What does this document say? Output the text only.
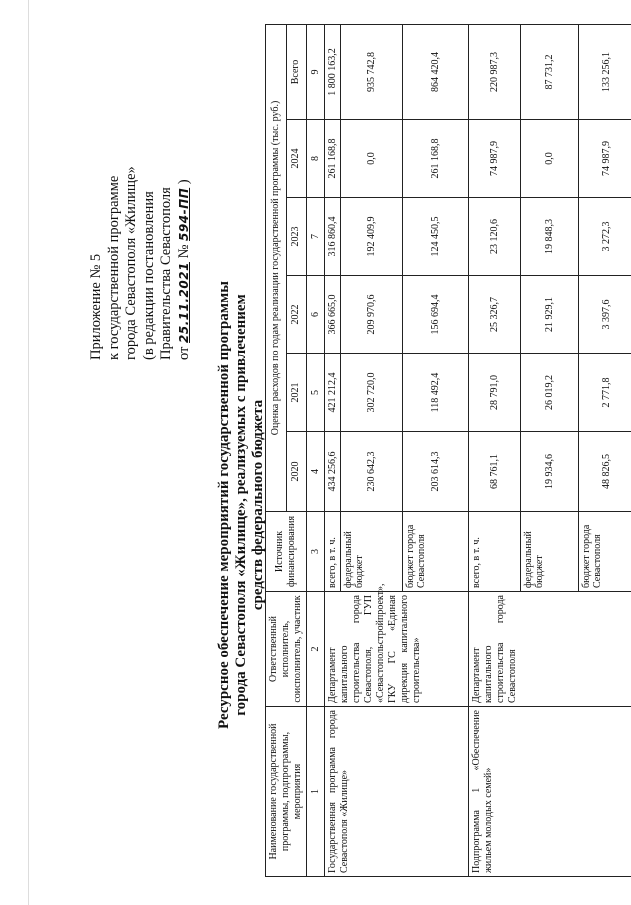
Приложение № 5 к государственной программе города Севастополя «Жилище» (в редакции постановления Правительства Севастополя от 25.11.2021 № 594-ПП )
Ресурсное обеспечение мероприятий государственной программы города Севастополя «Жилище», реализуемых с привлечением средств федерального бюджета
Наименование государственной программы, подпрограммы, мероприятия	Ответственный исполнитель, соисполнитель, участник	Источник финансирования	Оценка расходов по годам реализации государственной программы (тыс. руб.)					
			2020	2021	2022	2023	2024	Всего
1	2	3	4	5	6	7	8	9
Государственная программа города Севастополя «Жилище»	Департамент капитального строительства города Севастополя, ГУП «Севастопольстройпроект», ГКУ ГС «Единая дирекция капитального строительства»	всего, в т. ч.	434 256,6	421 212,4	366 665,0	316 860,4	261 168,8	1 800 163,2
		федеральный бюджет	230 642,3	302 720,0	209 970,6	192 409,9	0,0	935 742,8
		бюджет города Севастополя	203 614,3	118 492,4	156 694,4	124 450,5	261 168,8	864 420,4
Подпрограмма 1 «Обеспечение жильем молодых семей»	Департамент капитального строительства города Севастополя	всего, в т. ч.	68 761,1	28 791,0	25 326,7	23 120,6	74 987,9	220 987,3
		федеральный бюджет	19 934,6	26 019,2	21 929,1	19 848,3	0,0	87 731,2
		бюджет города Севастополя	48 826,5	2 771,8	3 397,6	3 272,3	74 987,9	133 256,1
